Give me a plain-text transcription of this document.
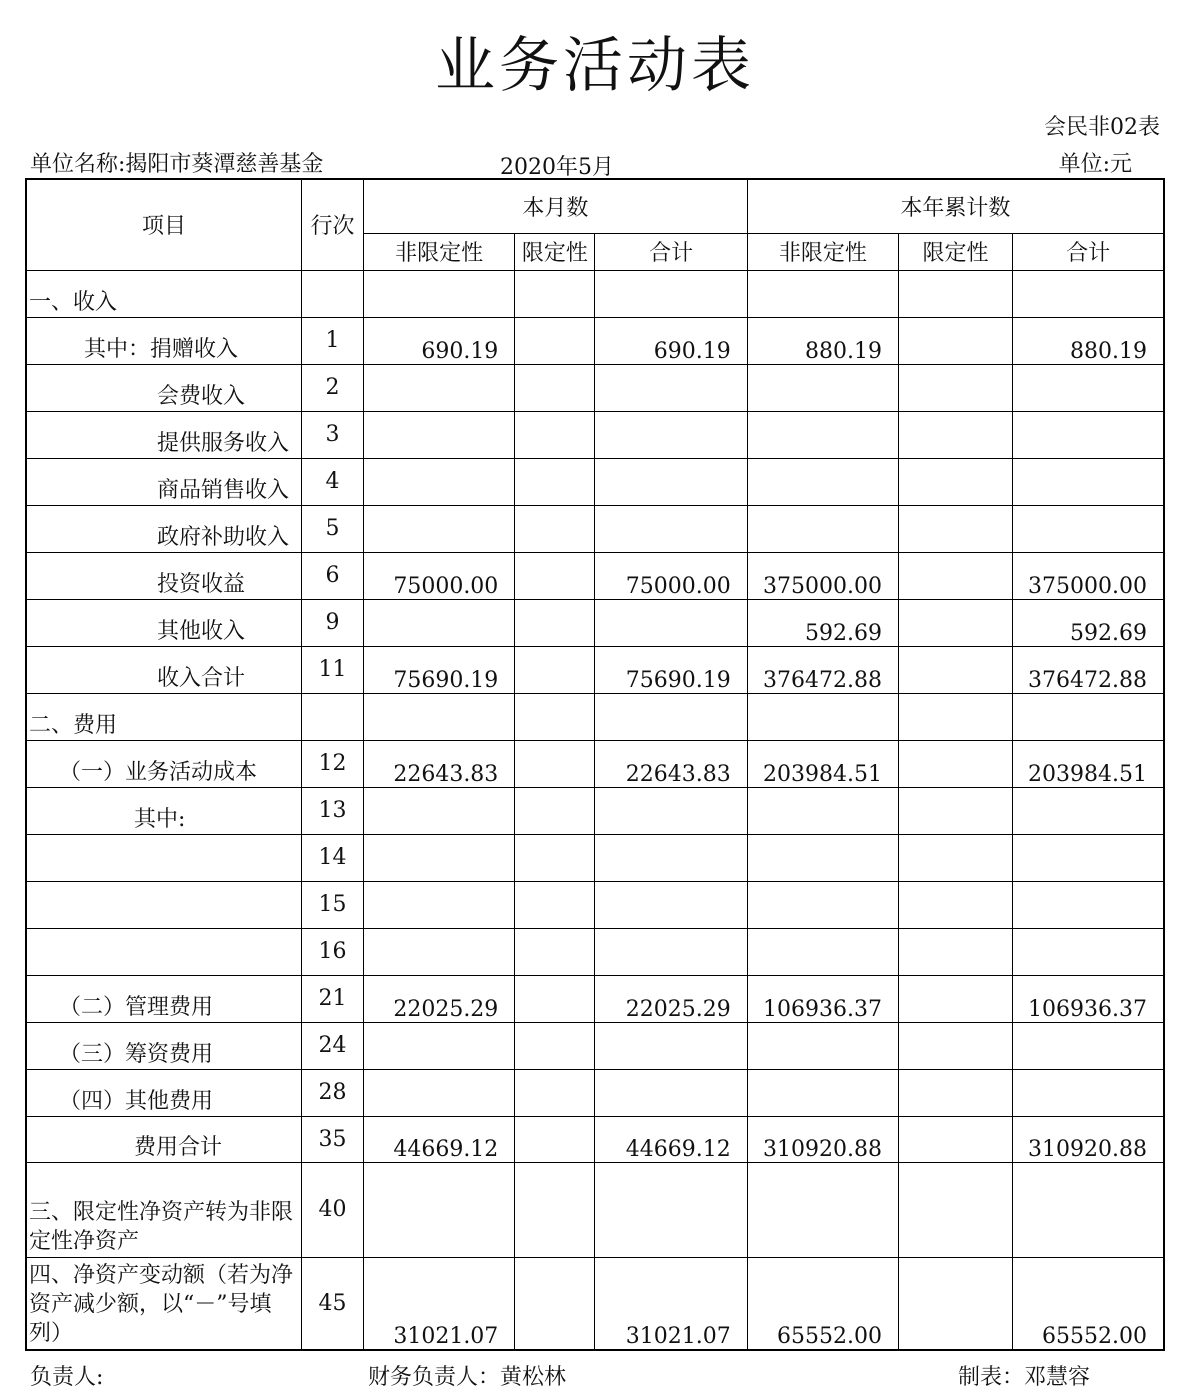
业务活动表
会民非02表
单位名称:揭阳市葵潭慈善基金	2020年5月	单位:元
项目	行次	本月数			本年累计数		
		非限定性	限定性	合计	非限定性	限定性	合计
一、收入							
其中：捐赠收入	1	690.19		690.19	880.19		880.19
会费收入	2						
提供服务收入	3						
商品销售收入	4						
政府补助收入	5						
投资收益	6	75000.00		75000.00	375000.00		375000.00
其他收入	9				592.69		592.69
收入合计	11	75690.19		75690.19	376472.88		376472.88
二、费用							
（一）业务活动成本	12	22643.83		22643.83	203984.51		203984.51
其中:	13						
	14						
	15						
	16						
（二）管理费用	21	22025.29		22025.29	106936.37		106936.37
（三）筹资费用	24						
（四）其他费用	28						
费用合计	35	44669.12		44669.12	310920.88		310920.88
三、限定性净资产转为非限定性净资产	40						
四、净资产变动额（若为净资产减少额，以“－”号填列）	45	31021.07		31021.07	65552.00		65552.00
负责人:	财务负责人：黄松林	制表：邓慧容
